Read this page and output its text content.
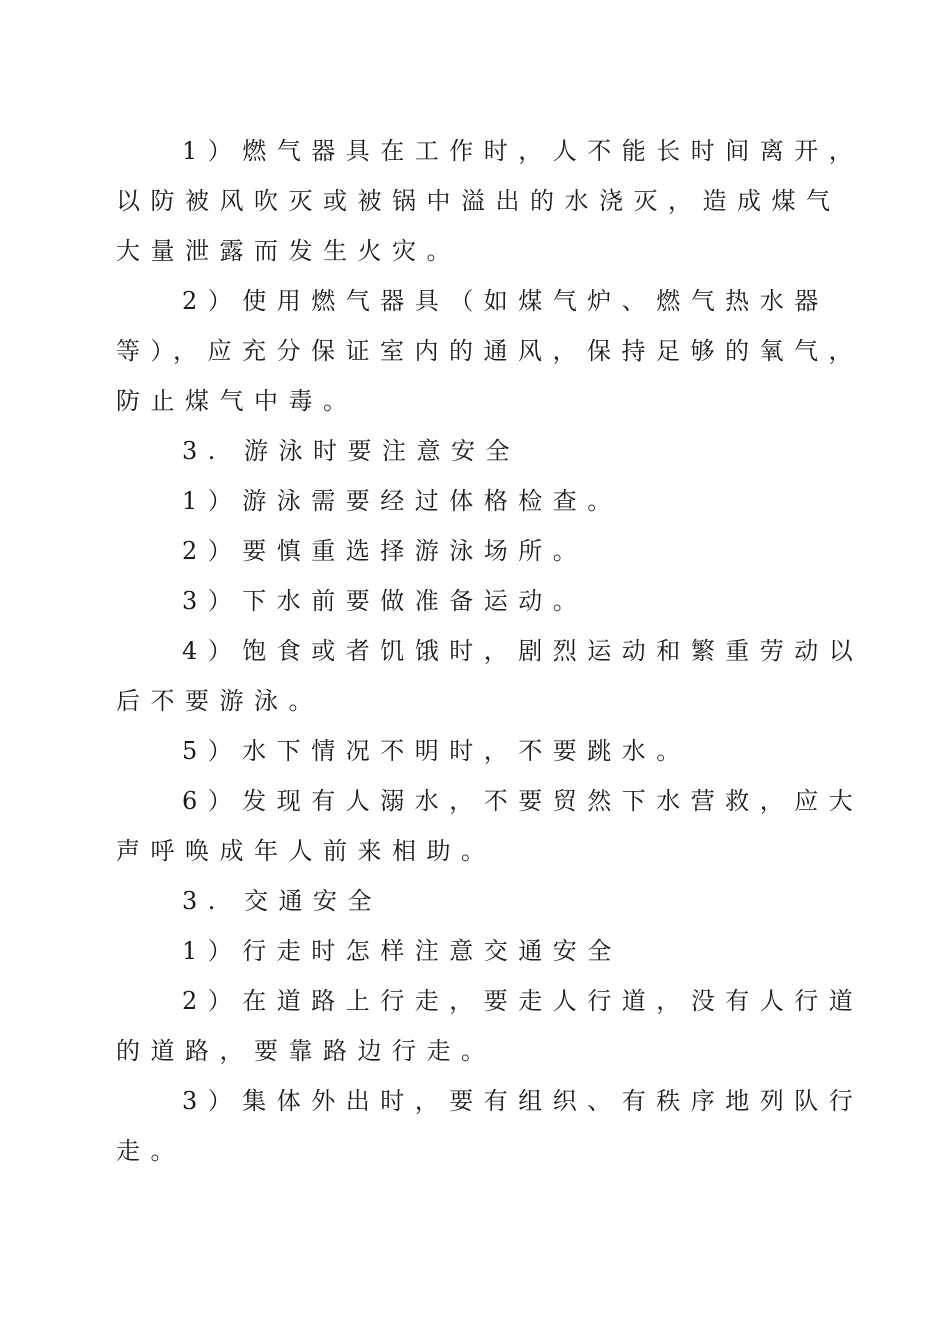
1）燃气器具在工作时，人不能长时间离开，
以防被风吹灭或被锅中溢出的水浇灭，造成煤气
大量泄露而发生火灾。
2）使用燃气器具（如煤气炉、燃气热水器
等），应充分保证室内的通风，保持足够的氧气，
防止煤气中毒。
3. 游泳时要注意安全
1）游泳需要经过体格检查。
2）要慎重选择游泳场所。
3）下水前要做准备运动。
4）饱食或者饥饿时，剧烈运动和繁重劳动以
后不要游泳。
5）水下情况不明时，不要跳水。
6）发现有人溺水，不要贸然下水营救，应大
声呼唤成年人前来相助。
3. 交通安全
1）行走时怎样注意交通安全
2）在道路上行走，要走人行道，没有人行道
的道路，要靠路边行走。
3）集体外出时，要有组织、有秩序地列队行
走。
